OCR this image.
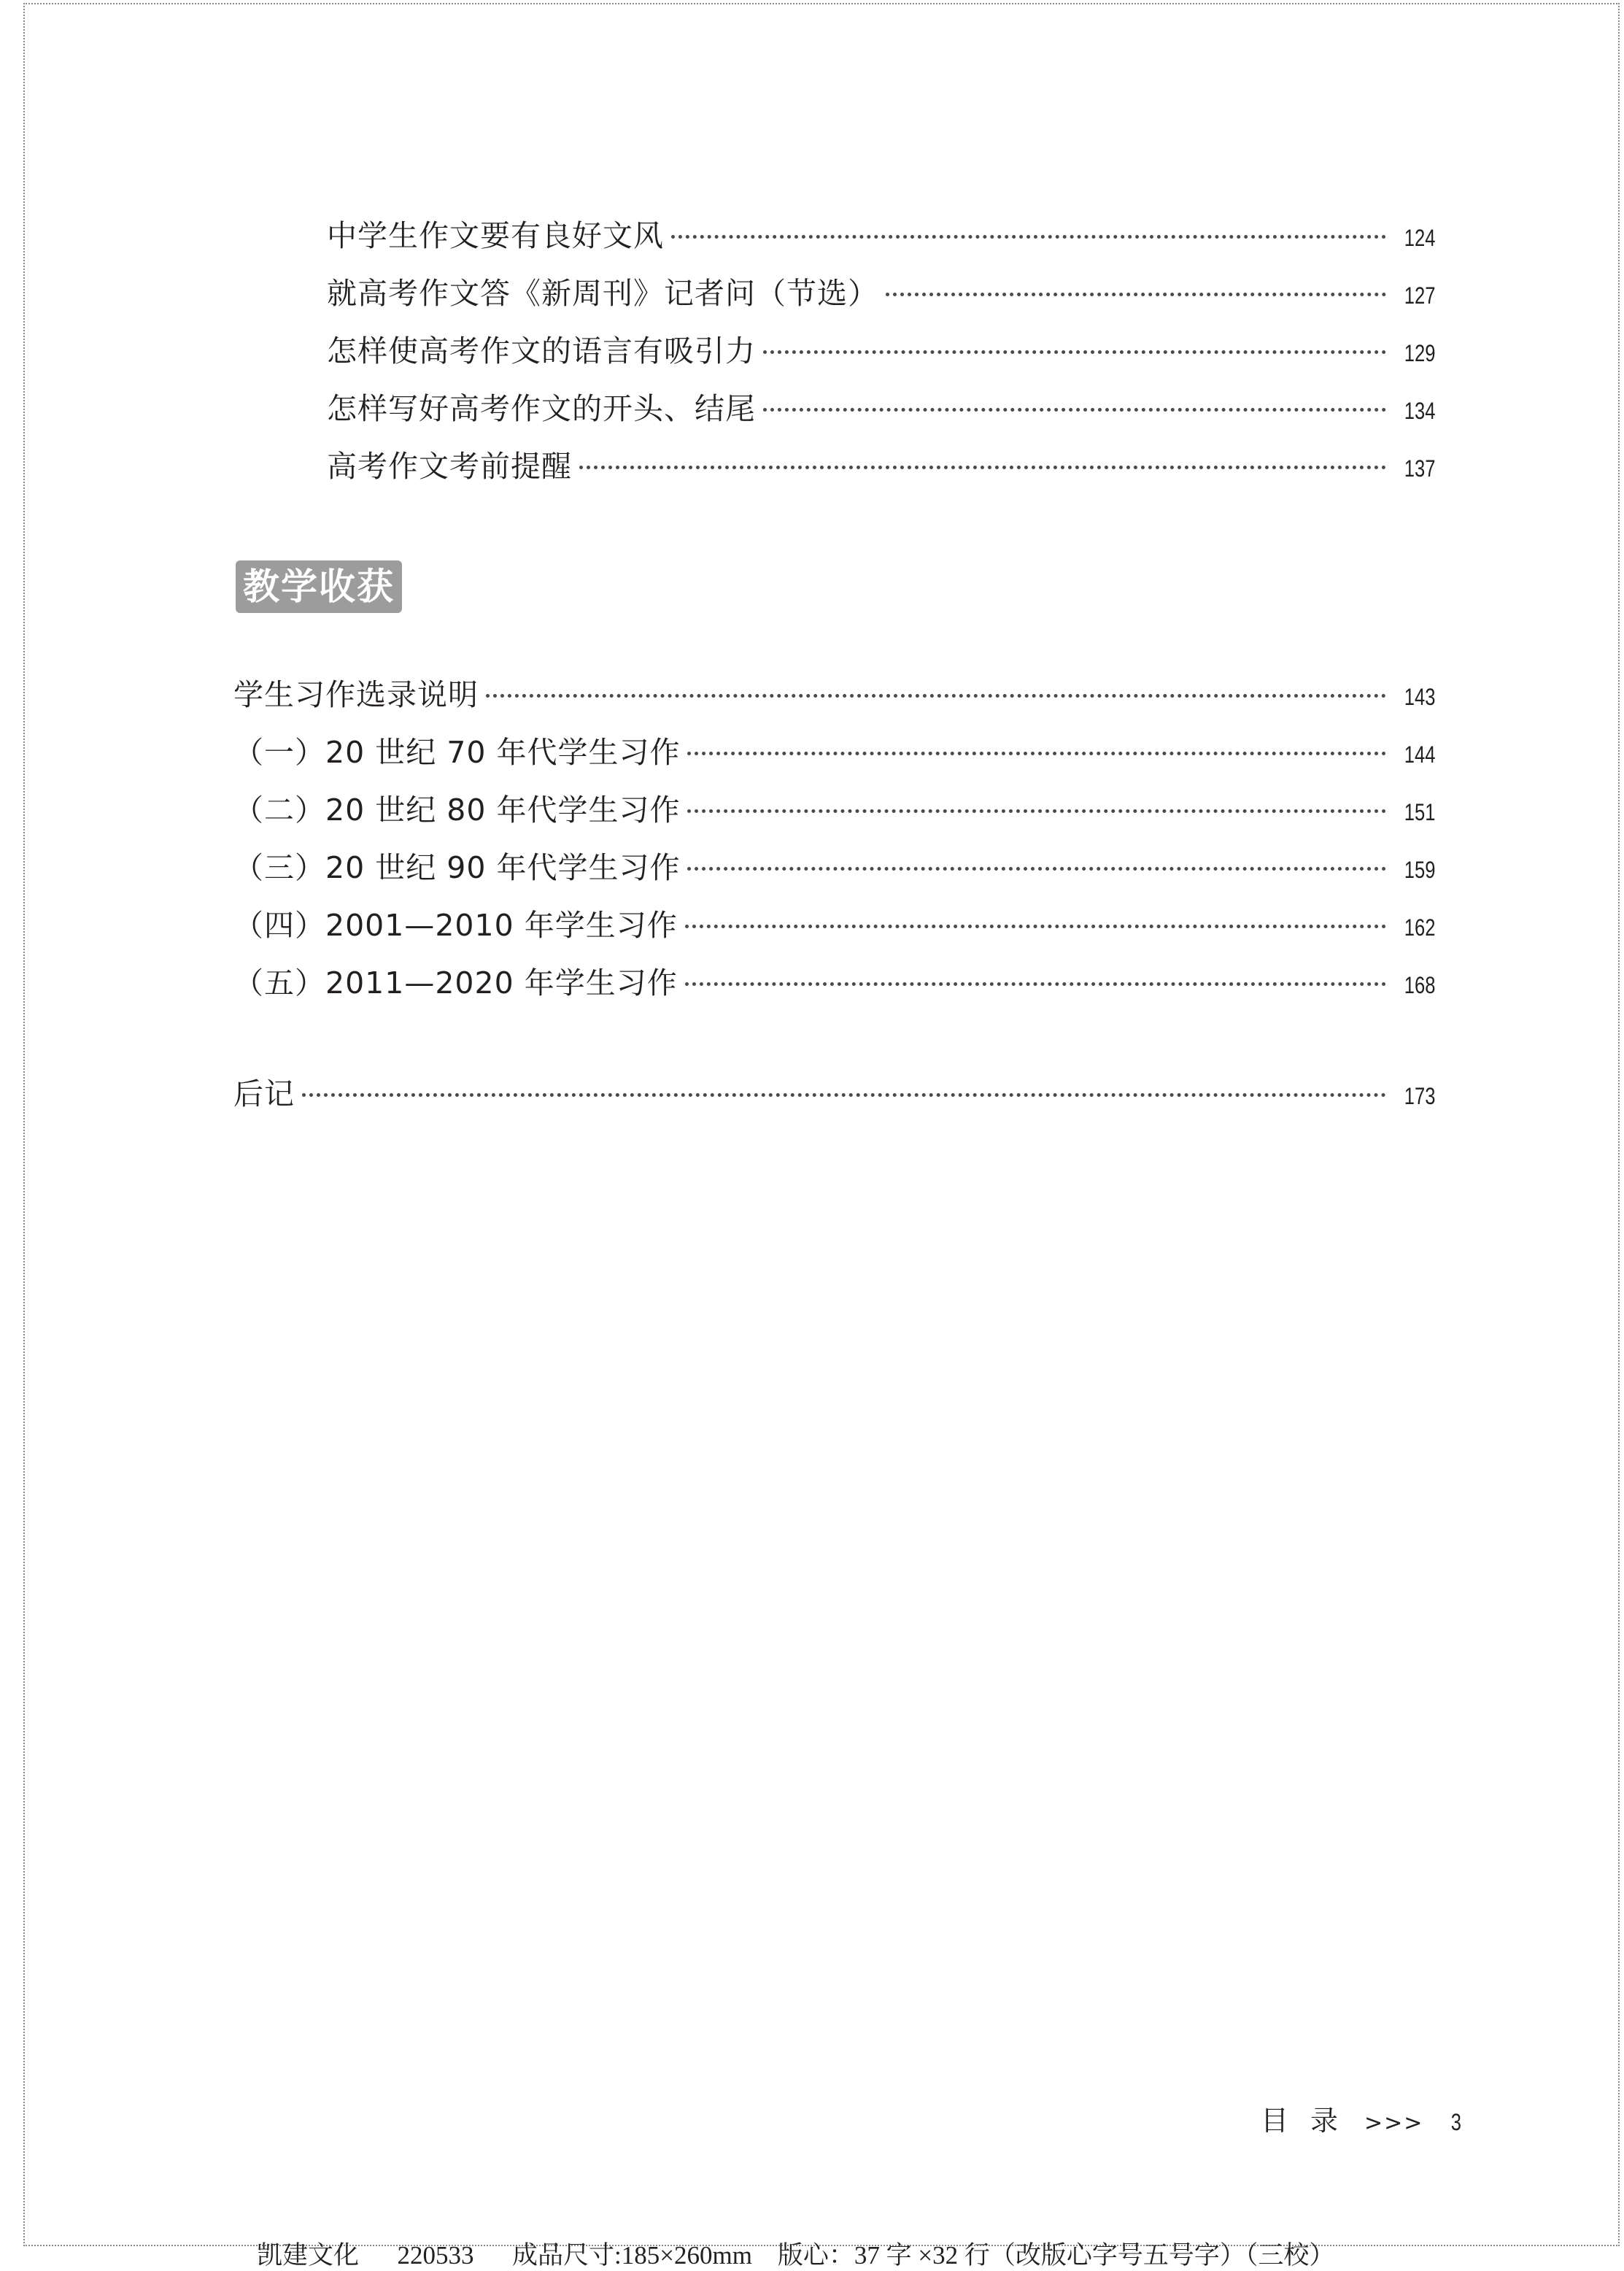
中学生作文要有良好文风	124
就高考作文答《新周刊》记者问（节选）	127
怎样使高考作文的语言有吸引力	129
怎样写好高考作文的开头、结尾	134
高考作文考前提醒	137
教学收获
学生习作选录说明	143
（一）20 世纪 70 年代学生习作	144
（二）20 世纪 80 年代学生习作	151
（三）20 世纪 90 年代学生习作	159
（四）2001—2010 年学生习作	162
（五）2011—2020 年学生习作	168
后记	173
目录 >>> 3
凯建文化      220533      成品尺寸:185×260mm    版心：37 字 ×32 行（改版心字号五号字）（三校）
